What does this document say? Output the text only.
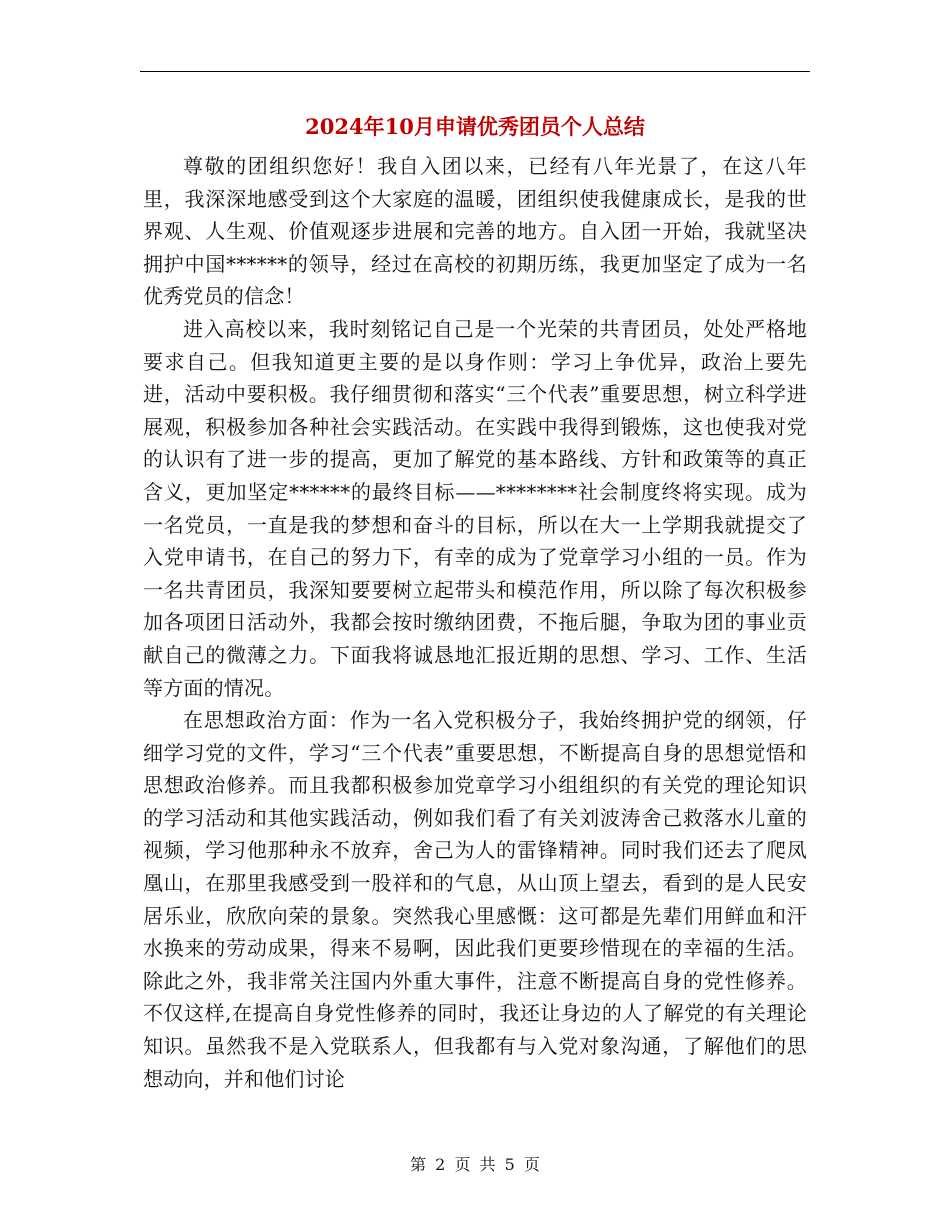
2024年10月申请优秀团员个人总结

尊敬的团组织您好！我自入团以来，已经有八年光景了，在这八年里，我深深地感受到这个大家庭的温暖，团组织使我健康成长，是我的世界观、人生观、价值观逐步进展和完善的地方。自入团一开始，我就坚决拥护中国******的领导，经过在高校的初期历练，我更加坚定了成为一名优秀党员的信念！

进入高校以来，我时刻铭记自己是一个光荣的共青团员，处处严格地要求自己。但我知道更主要的是以身作则：学习上争优异，政治上要先进，活动中要积极。我仔细贯彻和落实“三个代表”重要思想，树立科学进展观，积极参加各种社会实践活动。在实践中我得到锻炼，这也使我对党的认识有了进一步的提高，更加了解党的基本路线、方针和政策等的真正含义，更加坚定******的最终目标——********社会制度终将实现。成为一名党员，一直是我的梦想和奋斗的目标，所以在大一上学期我就提交了入党申请书，在自己的努力下，有幸的成为了党章学习小组的一员。作为一名共青团员，我深知要要树立起带头和模范作用，所以除了每次积极参加各项团日活动外，我都会按时缴纳团费，不拖后腿，争取为团的事业贡献自己的微薄之力。下面我将诚恳地汇报近期的思想、学习、工作、生活等方面的情况。

在思想政治方面：作为一名入党积极分子，我始终拥护党的纲领，仔细学习党的文件，学习“三个代表”重要思想，不断提高自身的思想觉悟和思想政治修养。而且我都积极参加党章学习小组组织的有关党的理论知识的学习活动和其他实践活动，例如我们看了有关刘波涛舍己救落水儿童的视频，学习他那种永不放弃，舍己为人的雷锋精神。同时我们还去了爬凤凰山，在那里我感受到一股祥和的气息，从山顶上望去，看到的是人民安居乐业，欣欣向荣的景象。突然我心里感慨：这可都是先辈们用鲜血和汗水换来的劳动成果，得来不易啊，因此我们更要珍惜现在的幸福的生活。除此之外，我非常关注国内外重大事件，注意不断提高自身的党性修养。不仅这样,在提高自身党性修养的同时，我还让身边的人了解党的有关理论知识。虽然我不是入党联系人，但我都有与入党对象沟通，了解他们的思想动向，并和他们讨论

第 2 页 共 5 页
